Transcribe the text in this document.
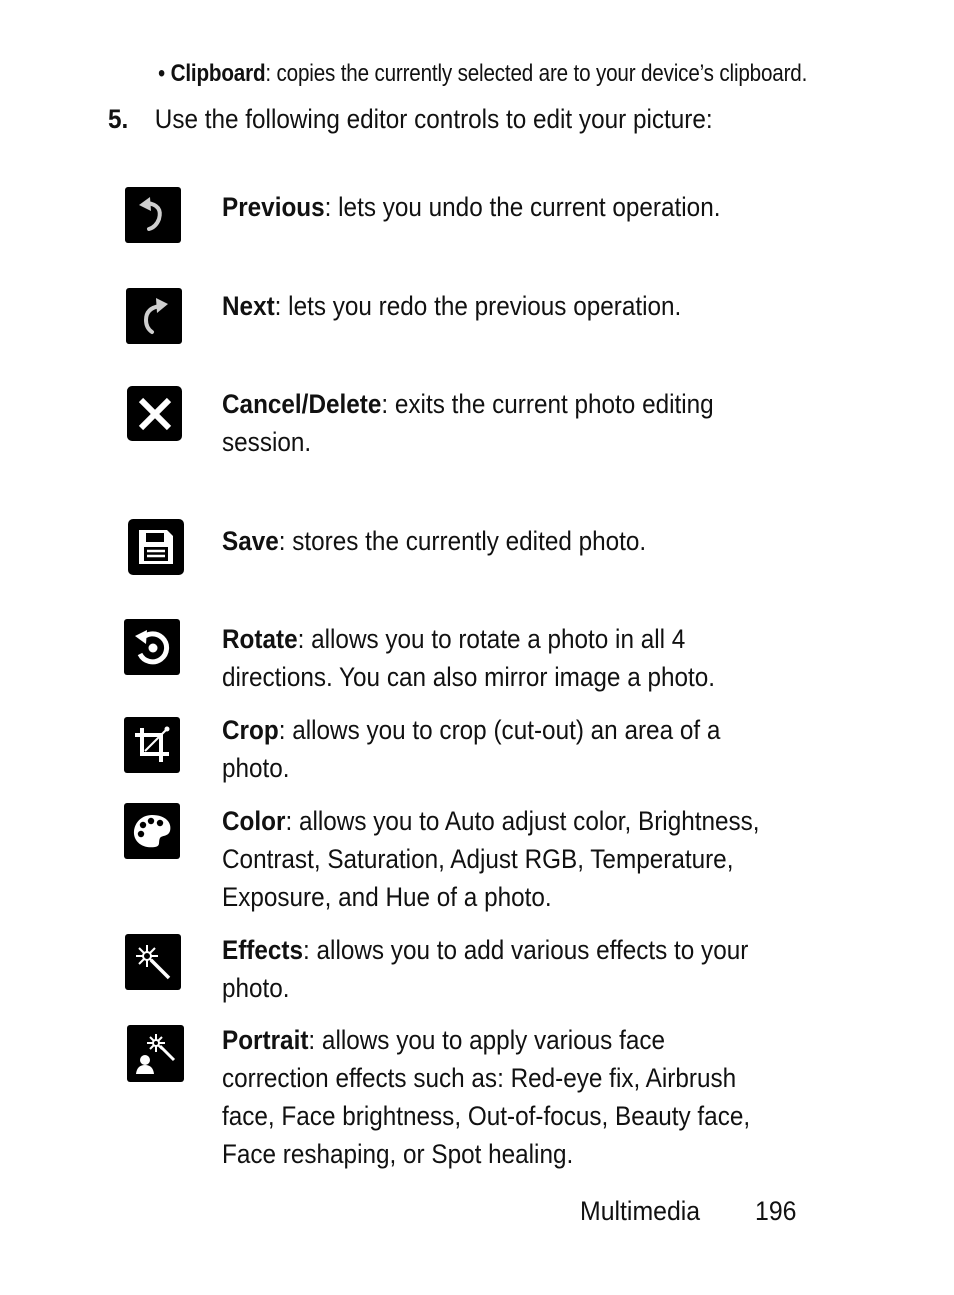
• Clipboard: copies the currently selected are to your device’s clipboard.
5. Use the following editor controls to edit your picture:
Previous: lets you undo the current operation.
Next: lets you redo the previous operation.
Cancel/Delete: exits the current photo editing session.
Save: stores the currently edited photo.
Rotate: allows you to rotate a photo in all 4 directions. You can also mirror image a photo.
Crop: allows you to crop (cut-out) an area of a photo.
Color: allows you to Auto adjust color, Brightness, Contrast, Saturation, Adjust RGB, Temperature, Exposure, and Hue of a photo.
Effects: allows you to add various effects to your photo.
Portrait: allows you to apply various face correction effects such as: Red-eye fix, Airbrush face, Face brightness, Out-of-focus, Beauty face, Face reshaping, or Spot healing.
Multimedia 196
